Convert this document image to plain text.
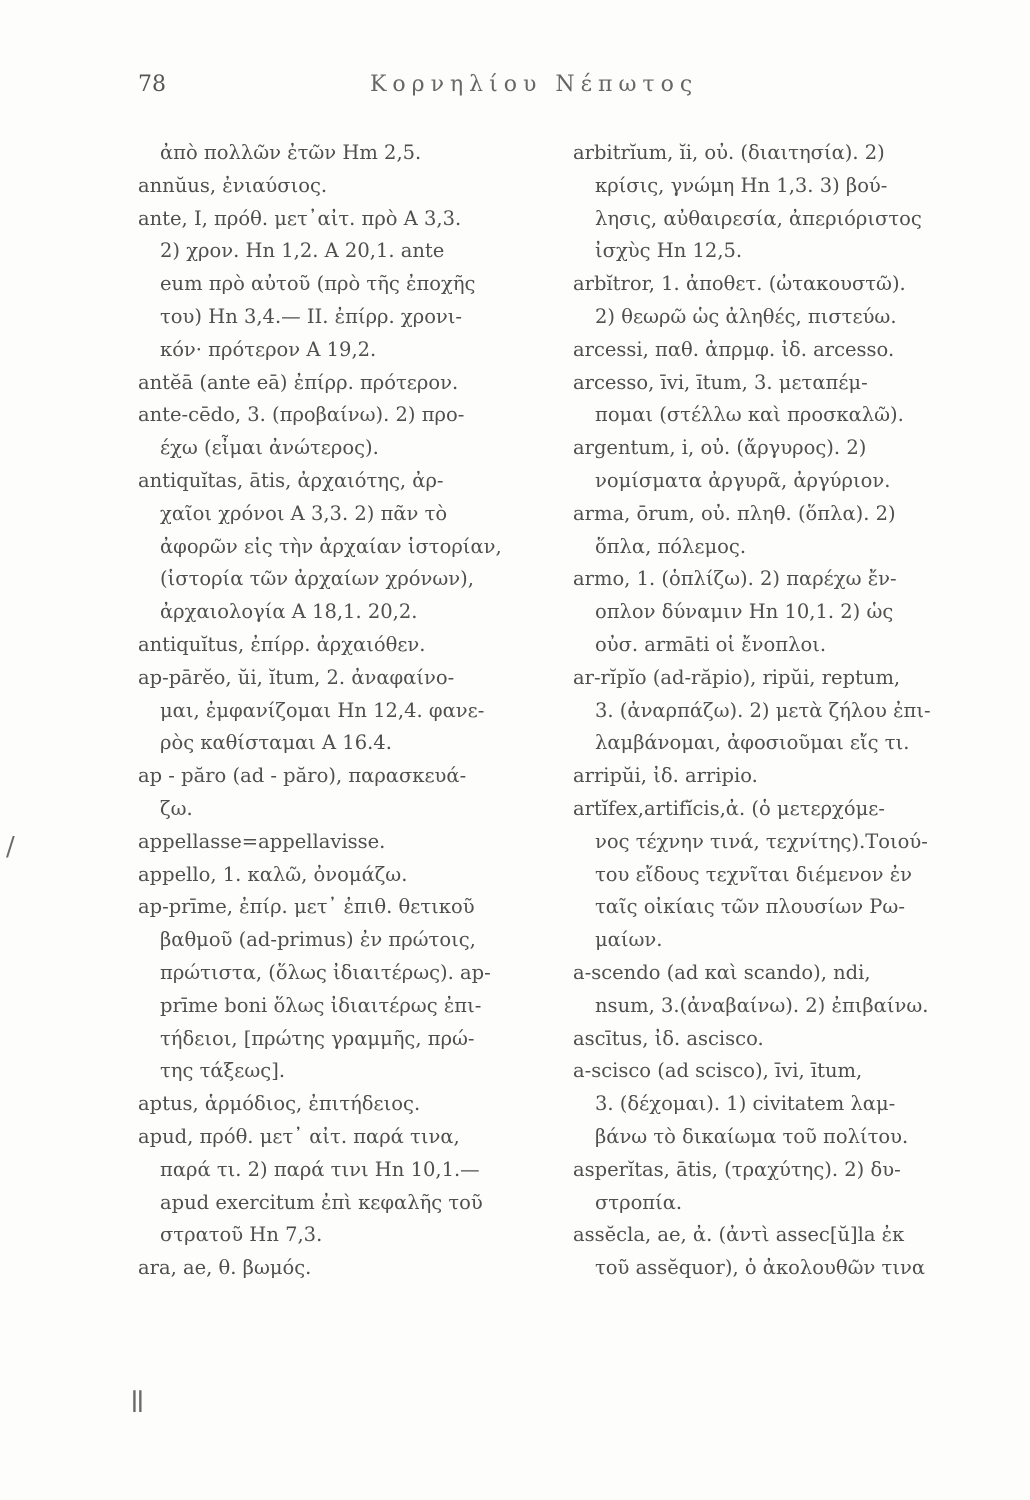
78	Κορνηλίου Νέπωτος
ἀπὸ πολλῶν ἐτῶν Hm 2,5.
annŭus, ἐνιαύσιος.
ante, I, πρόθ. μετ᾽αἰτ. πρὸ A 3,3.
2) χρον. Hn 1,2. A 20,1. ante
eum πρὸ αὐτοῦ (πρὸ τῆς ἐποχῆς
του) Hn 3,4.— II. ἐπίρρ. χρονι-
κόν· πρότερον A 19,2.
antĕā (ante eā) ἐπίρρ. πρότερον.
ante-cēdo, 3. (προβαίνω). 2) προ-
έχω (εἶμαι ἀνώτερος).
antiquĭtas, ātis, ἀρχαιότης, ἀρ-
χαῖοι χρόνοι A 3,3. 2) πᾶν τὸ
ἀφορῶν εἰς τὴν ἀρχαίαν ἱστορίαν,
(ἱστορία τῶν ἀρχαίων χρόνων),
ἀρχαιολογία A 18,1. 20,2.
antiquĭtus, ἐπίρρ. ἀρχαιόθεν.
ap-pārĕo, ŭi, ĭtum, 2. ἀναφαίνο-
μαι, ἐμφανίζομαι Hn 12,4. φανε-
ρὸς καθίσταμαι A 16.4.
ap - păro (ad - păro), παρασκευά-
ζω.
appellasse=appellavisse.
appello, 1. καλῶ, ὀνομάζω.
ap-prīme, ἐπίρ. μετ᾽ ἐπιθ. θετικοῦ
βαθμοῦ (ad-primus) ἐν πρώτοις,
πρώτιστα, (ὅλως ἰδιαιτέρως). ap-
prīme boni ὅλως ἰδιαιτέρως ἐπι-
τήδειοι, [πρώτης γραμμῆς, πρώ-
της τάξεως].
aptus, ἁρμόδιος, ἐπιτήδειος.
apud, πρόθ. μετ᾽ αἰτ. παρά τινα,
παρά τι. 2) παρά τινι Hn 10,1.—
apud exercitum ἐπὶ κεφαλῆς τοῦ
στρατοῦ Hn 7,3.
ara, ae, θ. βωμός.
arbitrĭum, ĭi, οὐ. (διαιτησία). 2)
κρίσις, γνώμη Hn 1,3. 3) βού-
λησις, αὐθαιρεσία, ἀπεριόριστος
ἰσχὺς Hn 12,5.
arbĭtror, 1. ἀποθετ. (ὠτακουστῶ).
2) θεωρῶ ὡς ἀληθές, πιστεύω.
arcessi, παθ. ἀπρμφ. ἰδ. arcesso.
arcesso, īvi, ītum, 3. μεταπέμ-
πομαι (στέλλω καὶ προσκαλῶ).
argentum, i, οὐ. (ἄργυρος). 2)
νομίσματα ἀργυρᾶ, ἀργύριον.
arma, ōrum, οὐ. πληθ. (ὅπλα). 2)
ὅπλα, πόλεμος.
armo, 1. (ὁπλίζω). 2) παρέχω ἔν-
οπλον δύναμιν Hn 10,1. 2) ὡς
οὐσ. armāti οἱ ἔνοπλοι.
ar-rĭpĭo (ad-răpio), ripŭi, reptum,
3. (ἀναρπάζω). 2) μετὰ ζήλου ἐπι-
λαμβάνομαι, ἀφοσιοῦμαι εἴς τι.
arripŭi, ἰδ. arripio.
artĭfex,artifĭcis,ἀ. (ὁ μετερχόμε-
νος τέχνην τινά, τεχνίτης).Τοιού-
του εἴδους τεχνῖται διέμενον ἐν
ταῖς οἰκίαις τῶν πλουσίων Ρω-
μαίων.
a-scendo (ad καὶ scando), ndi,
nsum, 3.(ἀναβαίνω). 2) ἐπιβαίνω.
ascītus, ἰδ. ascisco.
a-scisco (ad scisco), īvi, ītum,
3. (δέχομαι). 1) civitatem λαμ-
βάνω τὸ δικαίωμα τοῦ πολίτου.
asperĭtas, ātis, (τραχύτης). 2) δυ-
στροπία.
assĕcla, ae, ἀ. (ἀντὶ assec[ŭ]la ἐκ
τοῦ assĕquor), ὁ ἀκολουθῶν τινα
/
ǁ
